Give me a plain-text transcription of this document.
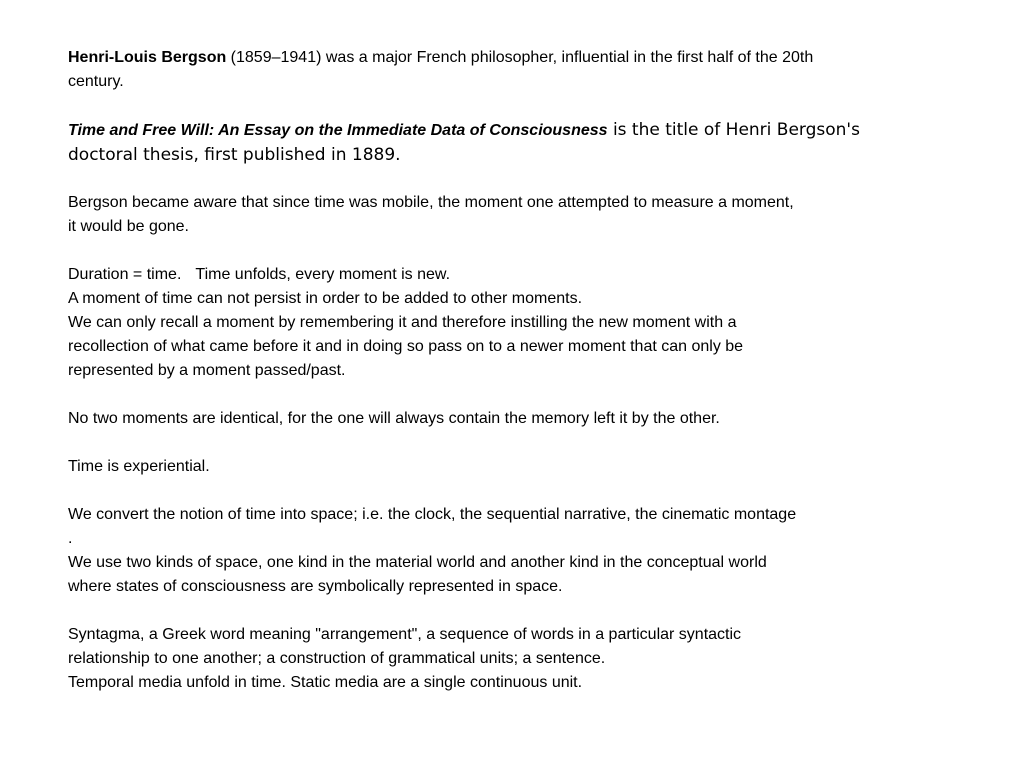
Henri-Louis Bergson (1859–1941) was a major French philosopher, influential in the first half of the 20th
century.

Time and Free Will: An Essay on the Immediate Data of Consciousness is the title of Henri Bergson's
doctoral thesis, first published in 1889.

Bergson became aware that since time was mobile, the moment one attempted to measure a moment,
it would be gone.

Duration = time. Time unfolds, every moment is new.
A moment of time can not persist in order to be added to other moments.
We can only recall a moment by remembering it and therefore instilling the new moment with a
recollection of what came before it and in doing so pass on to a newer moment that can only be
represented by a moment passed/past.

No two moments are identical, for the one will always contain the memory left it by the other.

Time is experiential.

We convert the notion of time into space; i.e. the clock, the sequential narrative, the cinematic montage
.
We use two kinds of space, one kind in the material world and another kind in the conceptual world
where states of consciousness are symbolically represented in space.

Syntagma, a Greek word meaning "arrangement", a sequence of words in a particular syntactic
relationship to one another; a construction of grammatical units; a sentence.
Temporal media unfold in time. Static media are a single continuous unit.
